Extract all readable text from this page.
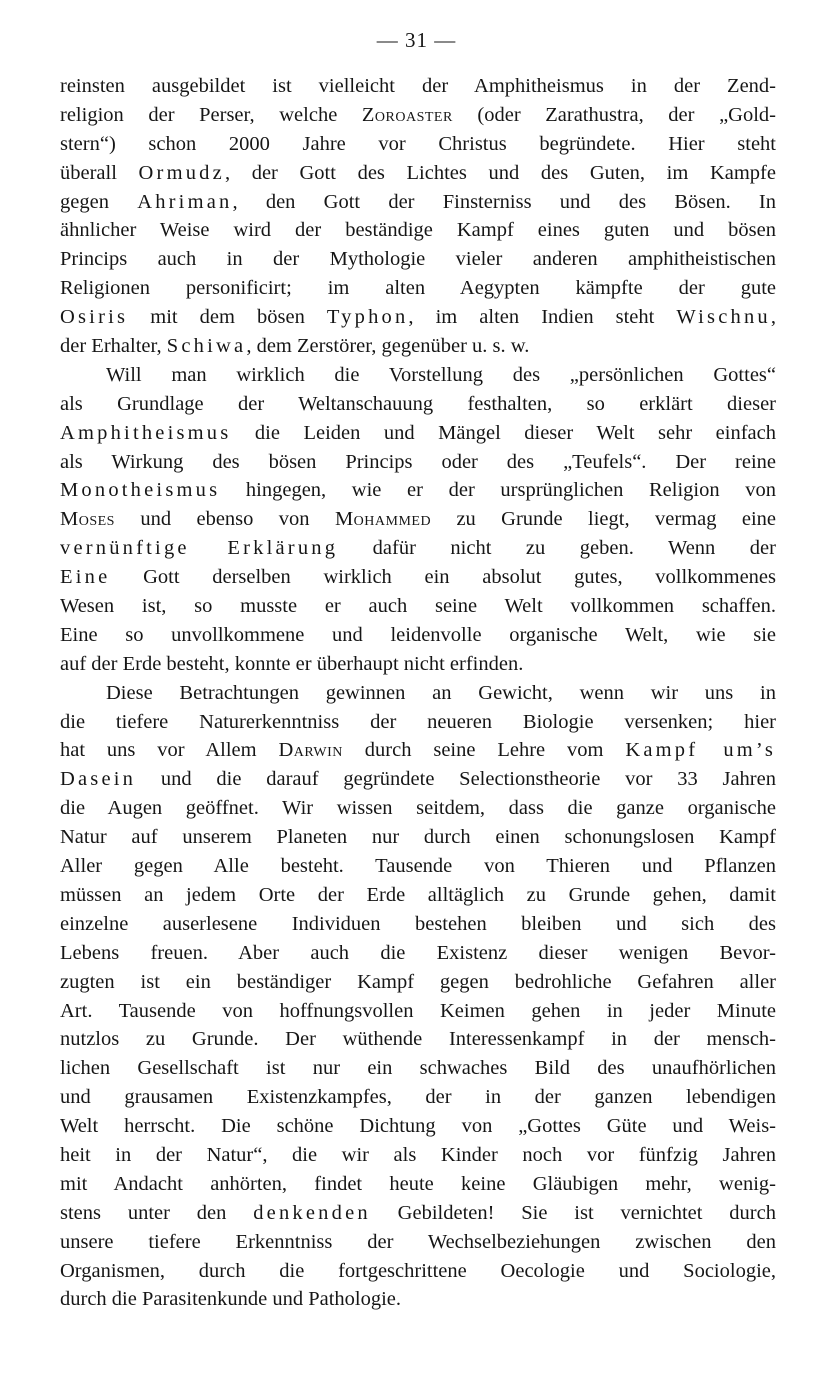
— 31 —
reinsten ausgebildet ist vielleicht der Amphitheismus in der Zend-
religion der Perser, welche Zoroaster (oder Zarathustra, der „Gold-
stern“) schon 2000 Jahre vor Christus begründete. Hier steht
überall Ormudz, der Gott des Lichtes und des Guten, im Kampfe
gegen Ahriman, den Gott der Finsterniss und des Bösen. In
ähnlicher Weise wird der beständige Kampf eines guten und bösen
Princips auch in der Mythologie vieler anderen amphitheistischen
Religionen personificirt; im alten Aegypten kämpfte der gute
Osiris mit dem bösen Typhon, im alten Indien steht Wischnu,
der Erhalter, Schiwa, dem Zerstörer, gegenüber u. s. w.
Will man wirklich die Vorstellung des „persönlichen Gottes“
als Grundlage der Weltanschauung festhalten, so erklärt dieser
Amphitheismus die Leiden und Mängel dieser Welt sehr einfach
als Wirkung des bösen Princips oder des „Teufels“. Der reine
Monotheismus hingegen, wie er der ursprünglichen Religion von
Moses und ebenso von Mohammed zu Grunde liegt, vermag eine
vernünftige Erklärung dafür nicht zu geben. Wenn der
Eine Gott derselben wirklich ein absolut gutes, vollkommenes
Wesen ist, so musste er auch seine Welt vollkommen schaffen.
Eine so unvollkommene und leidenvolle organische Welt, wie sie
auf der Erde besteht, konnte er überhaupt nicht erfinden.
Diese Betrachtungen gewinnen an Gewicht, wenn wir uns in
die tiefere Naturerkenntniss der neueren Biologie versenken; hier
hat uns vor Allem Darwin durch seine Lehre vom Kampf um’s
Dasein und die darauf gegründete Selectionstheorie vor 33 Jahren
die Augen geöffnet. Wir wissen seitdem, dass die ganze organische
Natur auf unserem Planeten nur durch einen schonungslosen Kampf
Aller gegen Alle besteht. Tausende von Thieren und Pflanzen
müssen an jedem Orte der Erde alltäglich zu Grunde gehen, damit
einzelne auserlesene Individuen bestehen bleiben und sich des
Lebens freuen. Aber auch die Existenz dieser wenigen Bevor-
zugten ist ein beständiger Kampf gegen bedrohliche Gefahren aller
Art. Tausende von hoffnungsvollen Keimen gehen in jeder Minute
nutzlos zu Grunde. Der wüthende Interessenkampf in der mensch-
lichen Gesellschaft ist nur ein schwaches Bild des unaufhörlichen
und grausamen Existenzkampfes, der in der ganzen lebendigen
Welt herrscht. Die schöne Dichtung von „Gottes Güte und Weis-
heit in der Natur“, die wir als Kinder noch vor fünfzig Jahren
mit Andacht anhörten, findet heute keine Gläubigen mehr, wenig-
stens unter den denkenden Gebildeten! Sie ist vernichtet durch
unsere tiefere Erkenntniss der Wechselbeziehungen zwischen den
Organismen, durch die fortgeschrittene Oecologie und Sociologie,
durch die Parasitenkunde und Pathologie.
